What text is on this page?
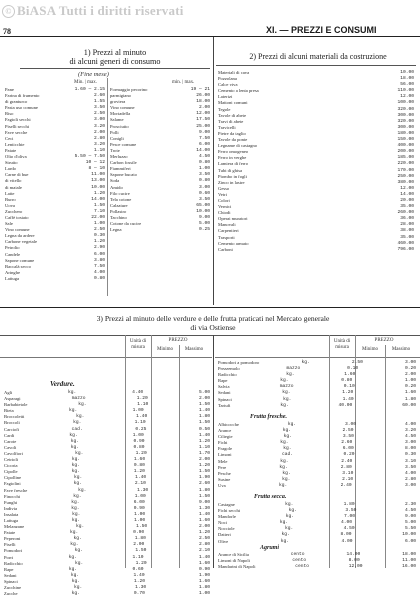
© BiASA Tutti i diritti riservati
78	XI. — PREZZI E CONSUMI
1) Prezzi al minuto
di alcuni generi di consumo
(Fine mese)
Min. | max.	min. | max.
Pane	1.60 — 2.15
Farina di frumento	2.60
di granturco	1.55
Pasta uso comune	3.50
Riso	2.50
Fagioli secchi	3.00
Piselli secchi	3.20
Fave secche	2.00
Ceci	2.80
Lenticchie	3.20
Patate	1.10
Olio d'oliva	5.50 — 7.50
Strutto	10 — 12
Lardo	8 — 10
Carne di bue	11.00
di vitello	13.00
di maiale	10.00
Latte	1.20
Burro	14.00
Uova	1.50
Zucchero	7.10
Caffè tostato	22.00
Sale	1.00
Vino comune	2.50
Legna da ardere	0.30
Carbone vegetale	1.20
Petrolio	2.90
Candele	6.00
Sapone comune	3.80
Baccalà secco	7.50
Aringhe	4.00
Lattuga	0.80
Formaggio pecorino	19 — 21
parmigiano	26.00
groviera	18.00
Vino comune	2.00
Mortadella	12.00
Salame	17.50
Prosciutto	25.00
Polli	9.00
Conigli	7.50
Pesce comune	6.00
Trote	14.00
Merluzzo	4.50
Carbon fossile	0.80
Fiammiferi	1.00
Sapone bucato	3.50
Soda	0.80
Amido	3.00
Filo cucire	0.60
Tela cotone	3.50
Calzature	65.00
Pollastro	10.00
Tacchino	9.00
Cotone da cucire	5.00
Legna	0.25
2) Prezzi di alcuni materiali da costruzione
Materiali di cava	10.00
Pozzolana	18.00
Calce viva	56.00
Cemento a lenta presa	110.00
Laterizi	12.00
Mattoni comuni	100.00
Tegole	320.00
Tavole di abete	300.00
Travi di abete	320.00
Travicelli	300.00
Pietre da taglio	180.00
Tavole da ponte	150.00
Legname di castagno	400.00
Ferro omogeneo	200.00
Ferro in verghe	185.00
Lamiera di ferro	220.00
Tubi di ghisa	170.00
Piombo in fogli	250.00
Zinco in lastre	380.00
Gesso	12.00
Vetri	14.00
Colori	20.00
Vernici	35.00
Chiodi	260.00
Operai muratori	36.00
Manovali	28.00
Carpentieri	38.00
Trasporti	35.00
Cemento armato	460.00
Carboni	796.00
3) Prezzi al minuto delle verdure e delle frutta praticati nel Mercato generale
di via Ostiense
Unità di misura
PREZZO
Minimo	Massimo
Unità di misura
PREZZO
Minimo	Massimo
Verdure.
Agli	kg.	4.40	5.00
Asparagi	mazzo	1.20	2.00
Barbabietole	kg.	1.10	1.50
Bieta	kg.	1.00	1.40
Broccoletti	kg.	1.40	1.80
Broccoli	kg.	1.10	1.50
Carciofi	cad.	0.25	0.50
Cardi	kg.	1.00	1.40
Carote	kg.	0.90	1.20
Cavoli	kg.	0.80	1.10
Cavolfiori	kg.	1.20	1.70
Cetrioli	kg.	1.60	2.00
Cicoria	kg.	0.80	1.20
Cipolle	kg.	1.20	1.50
Cipolline	kg.	1.40	1.90
Fagiolini	kg.	2.10	2.60
Fave fresche	kg.	1.30	1.80
Finocchi	kg.	1.00	1.50
Funghi	kg.	6.00	9.00
Indivia	kg.	0.90	1.30
Insalata	kg.	1.00	1.40
Lattuga	kg.	1.00	1.60
Melanzane	kg.	1.50	2.00
Patate	kg.	0.90	1.20
Peperoni	kg.	1.80	2.50
Piselli	kg.	2.00	2.80
Pomodori	kg.	1.50	2.10
Porri	kg.	1.10	1.40
Radicchio	kg.	1.20	1.60
Rape	kg.	0.60	0.90
Sedani	kg.	1.40	1.90
Spinaci	kg.	1.20	1.60
Zucchine	kg.	1.30	1.80
Zucche	kg.	0.70	1.00
Pomodori a pomodoro	kg.	2.50	3.00
Prezzemolo	mazzo	0.10	0.20
Radicchio	kg.	1.60	2.00
Rape	kg.	0.80	1.00
Salvia	mazzo	0.10	0.20
Sedani	kg.	1.20	1.60
Spinaci	kg.	1.40	1.80
Tartufi	kg.	40.00	60.00
Frutta fresche.
Albicocche	kg.	3.00	4.00
Arance	kg.	2.50	3.20
Ciliegie	kg.	3.50	4.50
Fichi	kg.	2.60	3.00
Fragole	kg.	6.00	8.00
Limoni	cad.	0.20	0.30
Mele	kg.	2.40	3.10
Pere	kg.	2.80	3.50
Pesche	kg.	3.10	4.00
Susine	kg.	2.10	2.80
Uva	kg.	2.40	3.00
Frutta secca.
Castagne	kg.	1.80	2.30
Fichi secchi	kg.	3.50	4.50
Mandorle	kg.	7.00	9.00
Noci	kg.	4.00	5.00
Nocciole	kg.	4.50	5.50
Datteri	kg.	8.00	10.00
Olive	kg.	4.00	6.00
Agrumi
Arance di Sicilia	cento	14.00	18.00
Limoni di Napoli	cento	8.00	11.00
Mandarini di Napoli	cento	12.00	16.00
